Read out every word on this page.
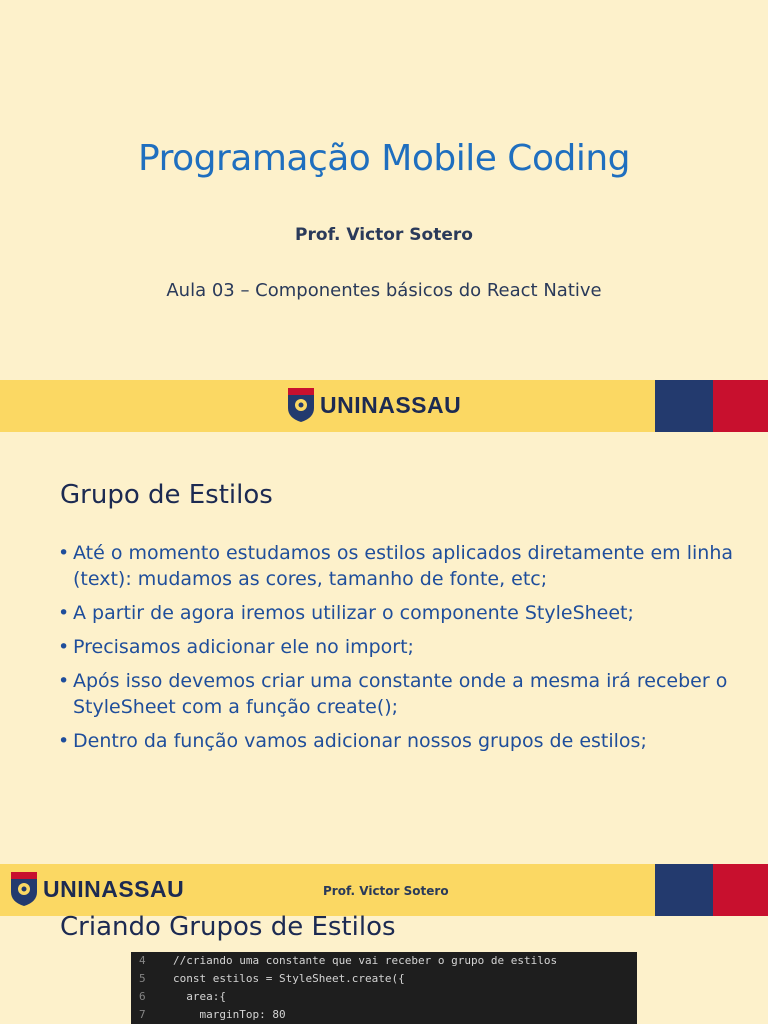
Programação Mobile Coding
Prof. Victor Sotero
Aula 03 – Componentes básicos do React Native
UNINASSAU
Grupo de Estilos
• Até o momento estudamos os estilos aplicados diretamente em linha (text): mudamos as cores, tamanho de fonte, etc;
• A partir de agora iremos utilizar o componente StyleSheet;
• Precisamos adicionar ele no import;
• Após isso devemos criar uma constante onde a mesma irá receber o StyleSheet com a função create();
• Dentro da função vamos adicionar nossos grupos de estilos;
UNINASSAU	Prof. Victor Sotero
Criando Grupos de Estilos
4	//criando uma constante que vai receber o grupo de estilos
5	const estilos = StyleSheet.create({
6	area:{
7	marginTop: 80
